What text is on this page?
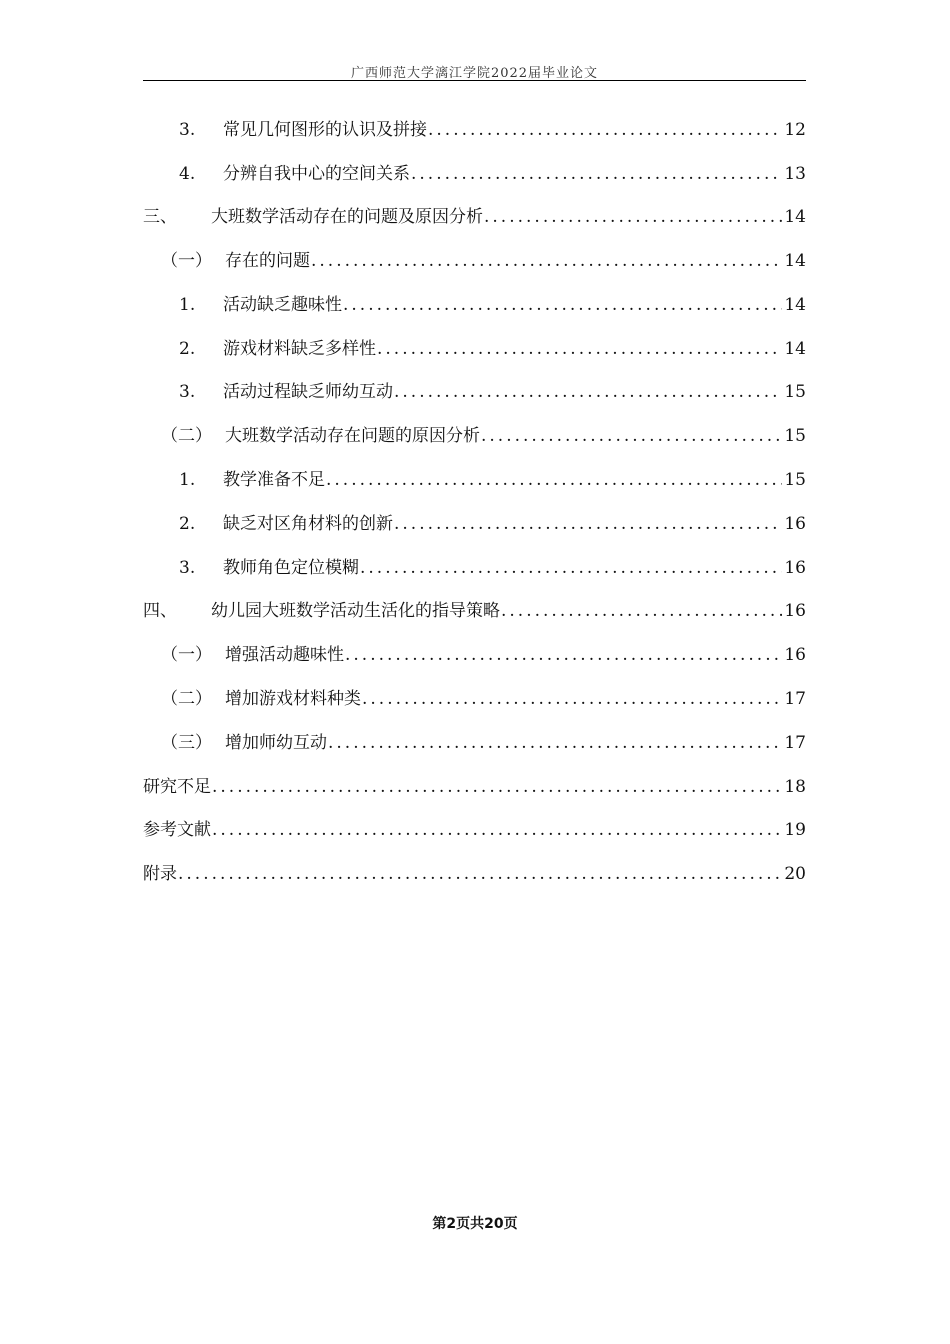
广西师范大学漓江学院2022届毕业论文
3.	常见几何图形的认识及拼接 .....	12
4.	分辨自我中心的空间关系 .....	13
三、	大班数学活动存在的问题及原因分析 .....	14
（一） 存在的问题 .....	14
1.	活动缺乏趣味性 .....	14
2.	游戏材料缺乏多样性 .....	14
3.	活动过程缺乏师幼互动 .....	15
（二） 大班数学活动存在问题的原因分析 .....	15
1.	教学准备不足 .....	15
2.	缺乏对区角材料的创新 .....	16
3.	教师角色定位模糊 .....	16
四、	幼儿园大班数学活动生活化的指导策略 .....	16
（一） 增强活动趣味性 .....	16
（二） 增加游戏材料种类 .....	17
（三） 增加师幼互动 .....	17
研究不足 .....	18
参考文献 .....	19
附录 .....	20
第2页共20页
